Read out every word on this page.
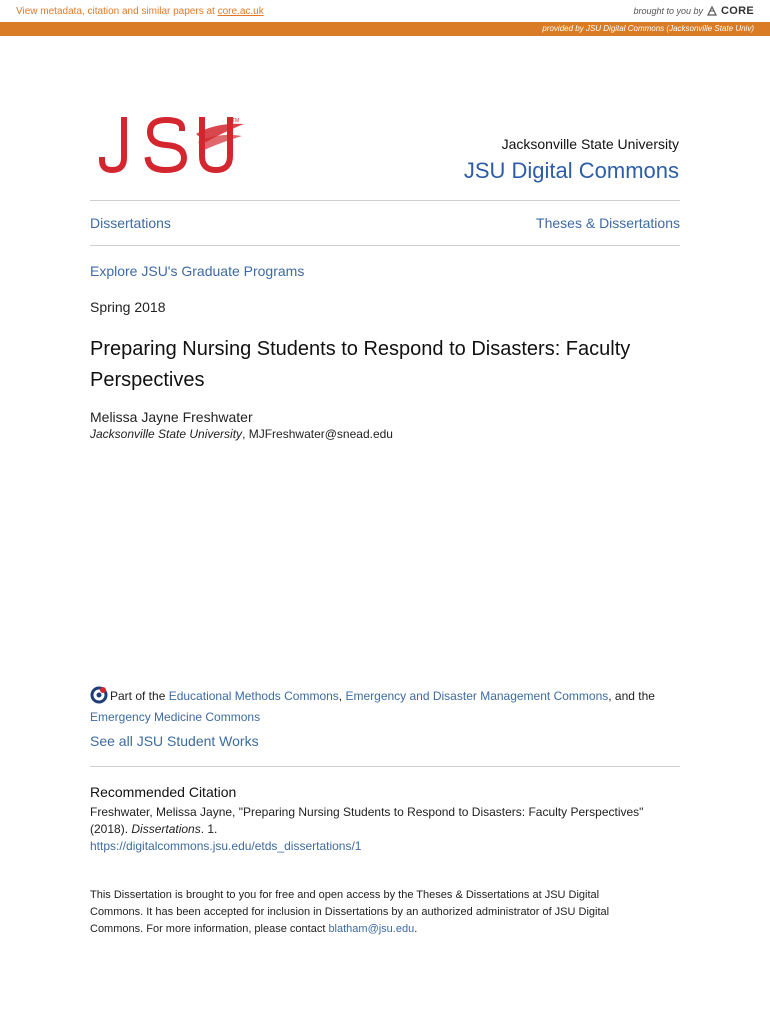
View metadata, citation and similar papers at core.ac.uk	brought to you by CORE
provided by JSU Digital Commons (Jacksonville State Univ)
TM
Jacksonville State University
JSU Digital Commons
Dissertations	Theses & Dissertations
Explore JSU's Graduate Programs
Spring 2018
Preparing Nursing Students to Respond to Disasters: Faculty Perspectives
Melissa Jayne Freshwater
Jacksonville State University, MJFreshwater@snead.edu
Part of the Educational Methods Commons, Emergency and Disaster Management Commons, and the
Emergency Medicine Commons
See all JSU Student Works
Recommended Citation
Freshwater, Melissa Jayne, "Preparing Nursing Students to Respond to Disasters: Faculty Perspectives" (2018). Dissertations. 1.
https://digitalcommons.jsu.edu/etds_dissertations/1
This Dissertation is brought to you for free and open access by the Theses & Dissertations at JSU Digital Commons. It has been accepted for inclusion in Dissertations by an authorized administrator of JSU Digital Commons. For more information, please contact blatham@jsu.edu.
